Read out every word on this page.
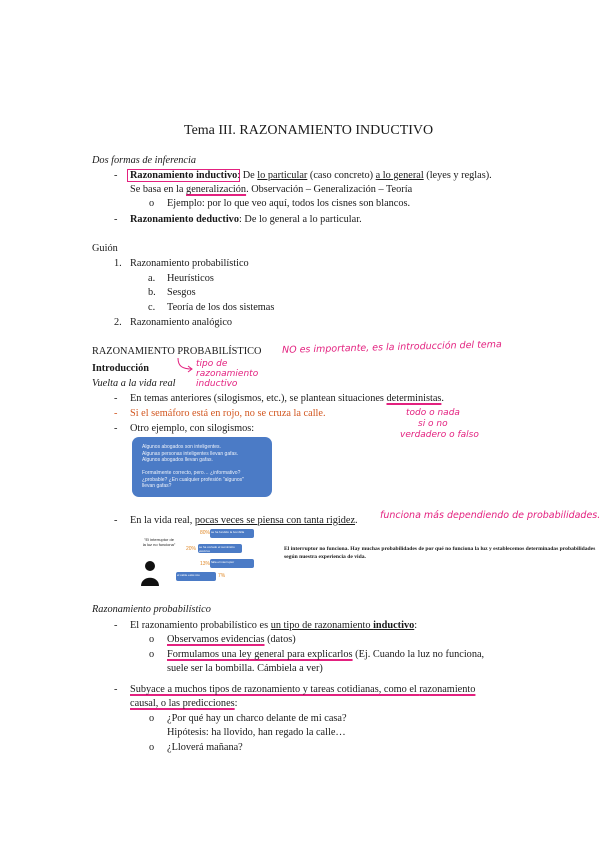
Tema III. RAZONAMIENTO INDUCTIVO
Dos formas de inferencia
- Razonamiento inductivo: De lo particular (caso concreto) a lo general (leyes y reglas).
Se basa en la generalización. Observación – Generalización – Teoría
o Ejemplo: por lo que veo aquí, todos los cisnes son blancos.
- Razonamiento deductivo: De lo general a lo particular.
Guión
1. Razonamiento probabilístico
a. Heurísticos
b. Sesgos
c. Teoría de los dos sistemas
2. Razonamiento analógico
RAZONAMIENTO PROBABILÍSTICO NO es importante, es la introducción del tema
tipo de razonamiento inductivo
Introducción
Vuelta a la vida real
- En temas anteriores (silogismos, etc.), se plantean situaciones deterministas.
- Si el semáforo está en rojo, no se cruza la calle.
- Otro ejemplo, con silogismos:
todo o nada
si o no
verdadero o falso
Algunos abogados son inteligentes.
Algunas personas inteligentes llevan gafas.
Algunos abogados llevan gafas.

Formalmente correcto, pero… ¿informativo?
¿probable? ¿En cualquier profesión "algunos"
llevan gafas?
- En la vida real, pocas veces se piensa con tanta rigidez. funciona más dependiendo de probabilidades.
"El interruptor de la luz no funciona"
80%
20%
13%
7%
se ha fundido la bombilla
se ha cortado el suministro eléctrico
falla el interruptor
el cable está roto
El interruptor no funciona. Hay muchas probabilidades de por qué no funciona la luz y establecemos determinadas probabilidades según nuestra experiencia de vida.
Razonamiento probabilístico
- El razonamiento probabilístico es un tipo de razonamiento inductivo:
o Observamos evidencias (datos)
o Formulamos una ley general para explicarlos (Ej. Cuando la luz no funciona,
suele ser la bombilla. Cámbiela a ver)
- Subyace a muchos tipos de razonamiento y tareas cotidianas, como el razonamiento
causal, o las predicciones:
o ¿Por qué hay un charco delante de mi casa?
Hipótesis: ha llovido, han regado la calle…
o ¿Lloverá mañana?
